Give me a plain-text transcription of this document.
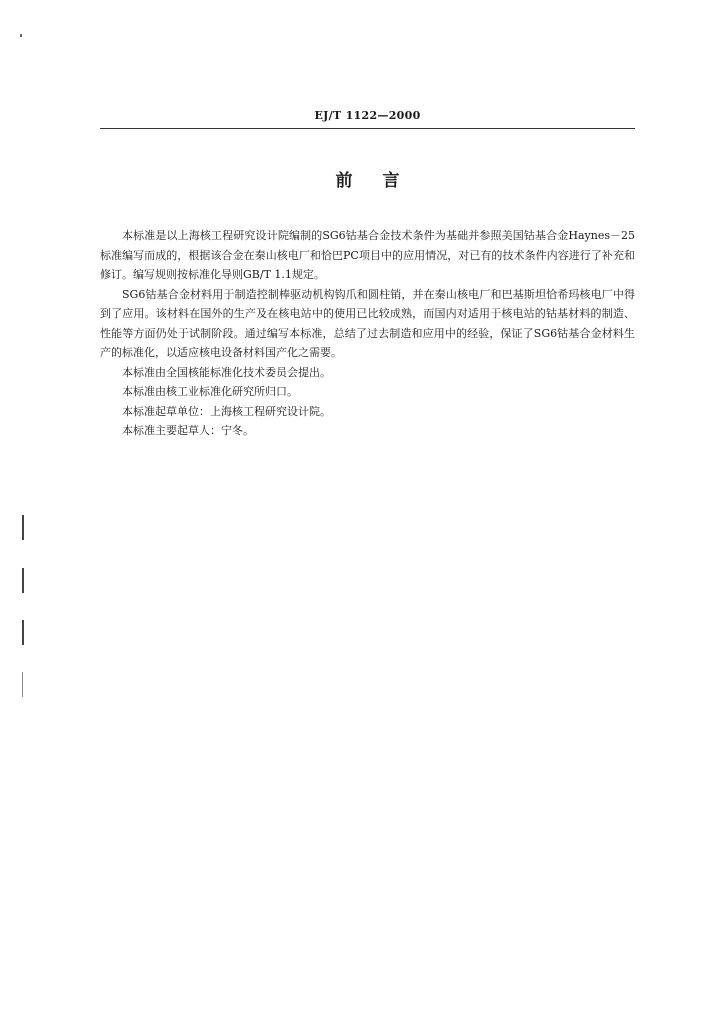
EJ/T 1122—2000
前言

本标准是以上海核工程研究设计院编制的SG6钴基合金技术条件为基础并参照美国钴基合金Haynes－25标准编写而成的，根据该合金在秦山核电厂和恰巴PC项目中的应用情况，对已有的技术条件内容进行了补充和修订。编写规则按标准化导则GB/T 1.1规定。

SG6钴基合金材料用于制造控制棒驱动机构钩爪和圆柱销，并在秦山核电厂和巴基斯坦恰希玛核电厂中得到了应用。该材料在国外的生产及在核电站中的使用已比较成熟，而国内对适用于核电站的钴基材料的制造、性能等方面仍处于试制阶段。通过编写本标准，总结了过去制造和应用中的经验，保证了SG6钴基合金材料生产的标准化，以适应核电设备材料国产化之需要。

本标准由全国核能标准化技术委员会提出。

本标准由核工业标准化研究所归口。

本标准起草单位：上海核工程研究设计院。

本标准主要起草人：宁冬。
